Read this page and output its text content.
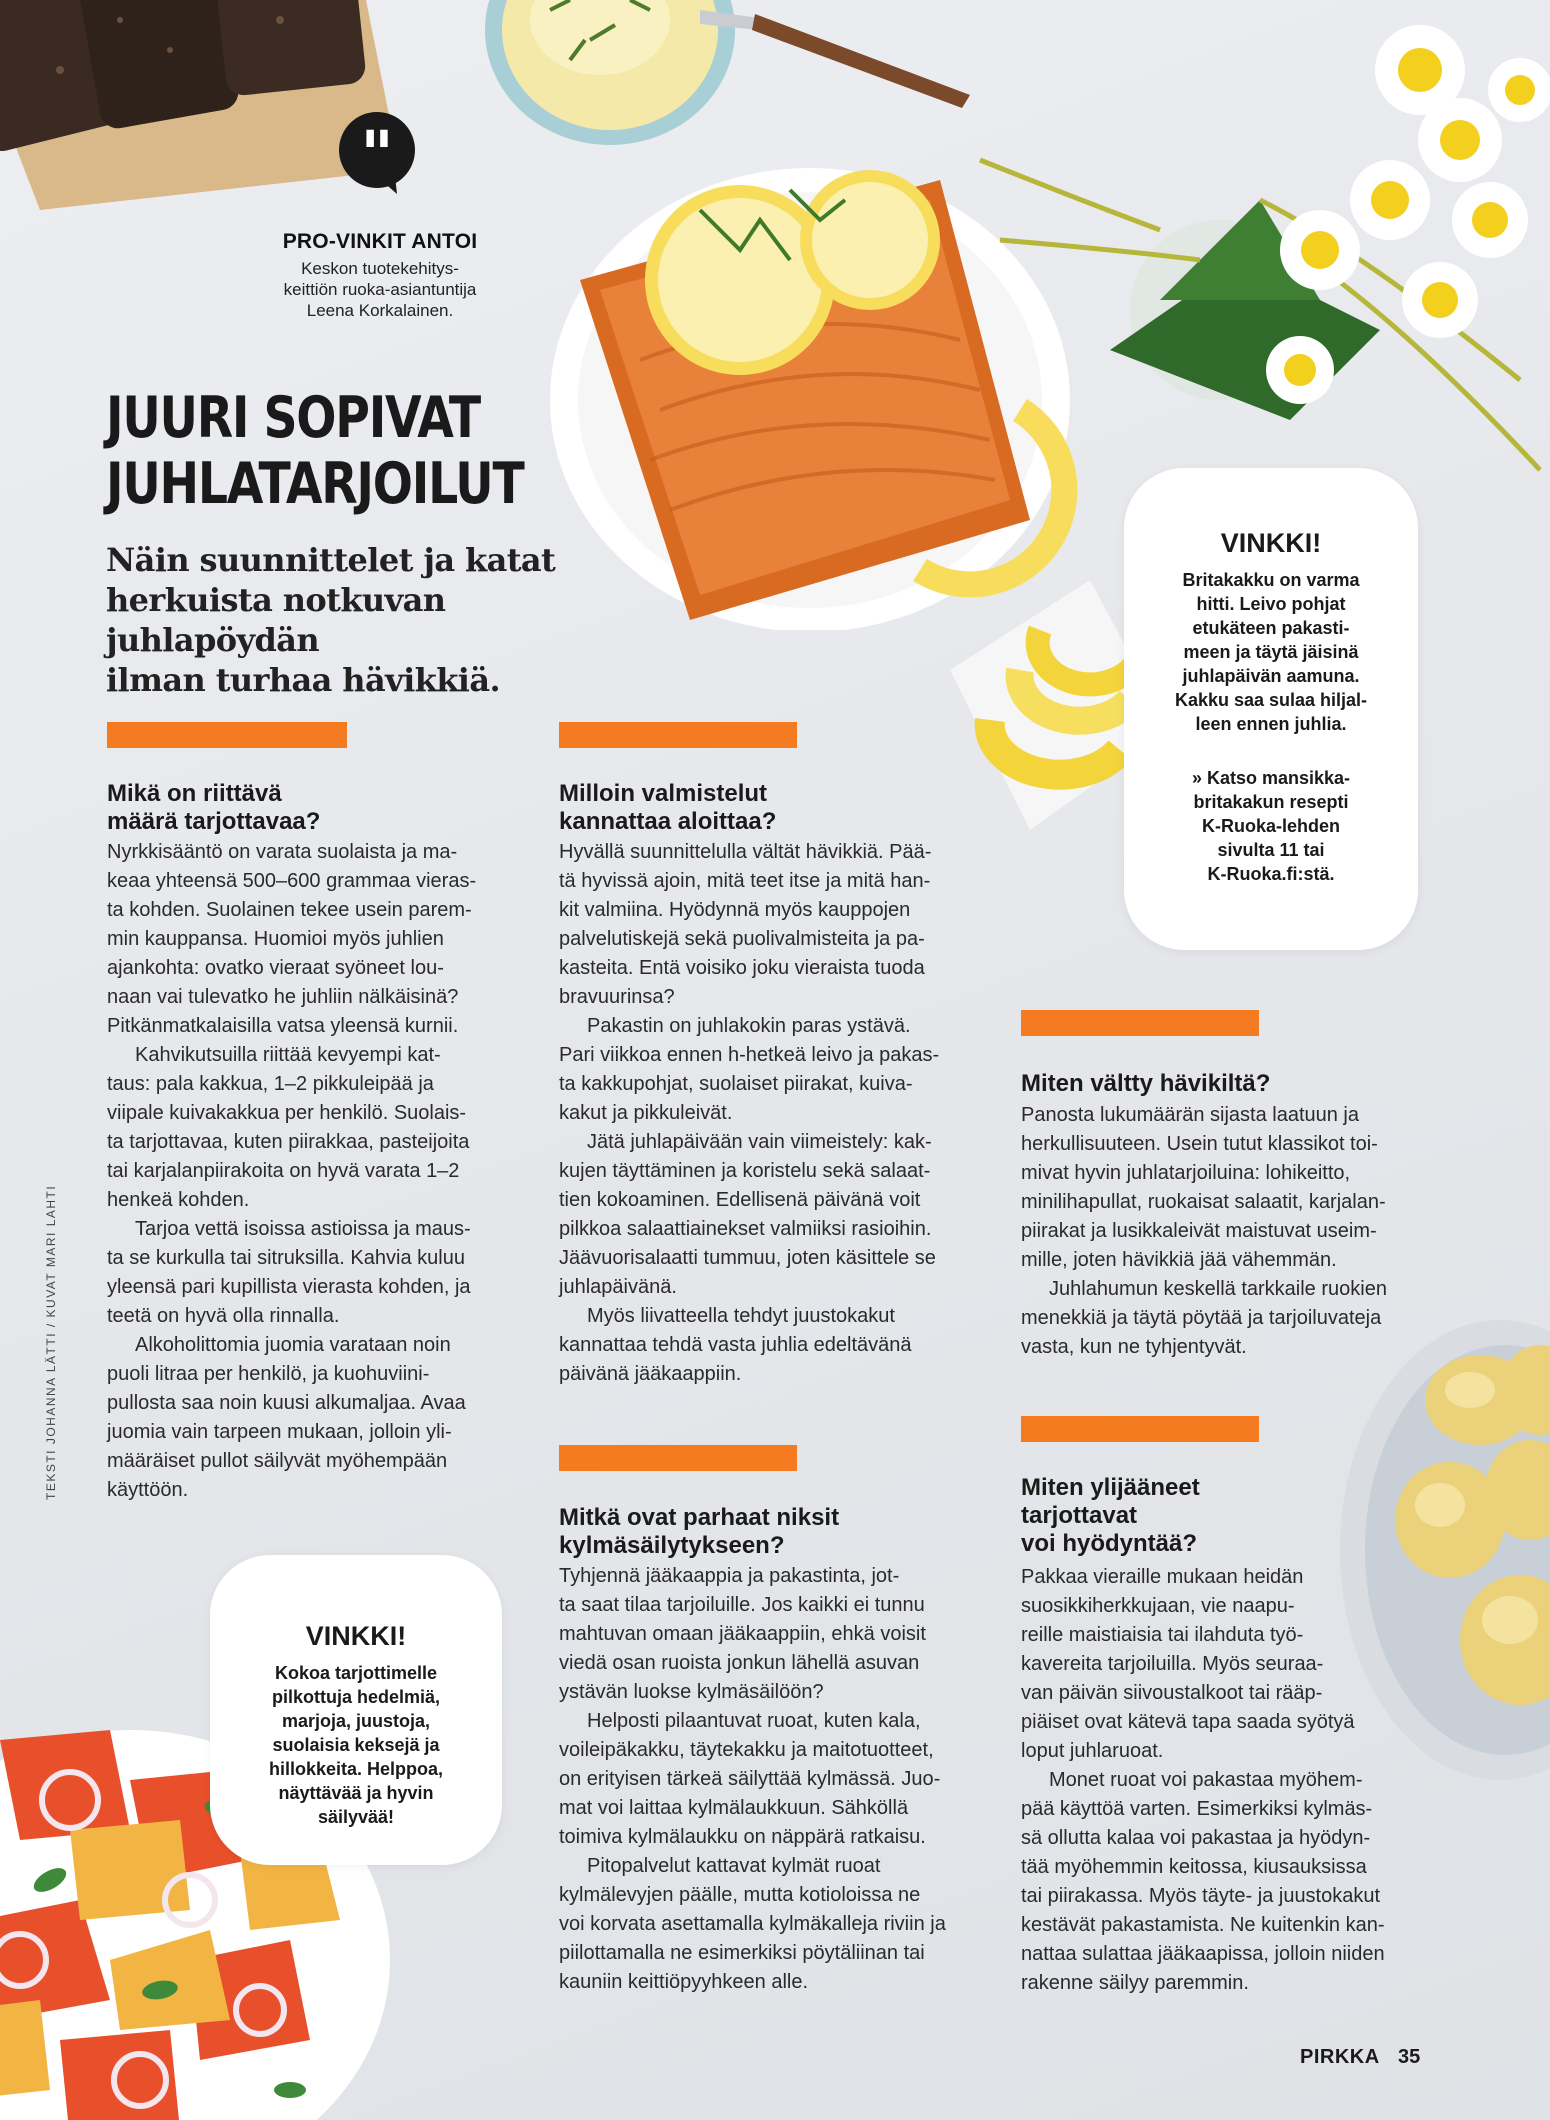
"
PRO-VINKIT ANTOI
Keskon tuotekehitys-
keittiön ruoka-asiantuntija
Leena Korkalainen.
JUURI SOPIVAT
JUHLATARJOILUT

Näin suunnittelet ja katat
herkuista notkuvan juhlapöydän
ilman turhaa hävikkiä.

Mikä on riittävä
määrä tarjottavaa?

Nyrkkisääntö on varata suolaista ja ma-
keaa yhteensä 500–600 grammaa vieras-
ta kohden. Suolainen tekee usein parem-
min kauppansa. Huomioi myös juhlien
ajankohta: ovatko vieraat syöneet lou-
naan vai tulevatko he juhliin nälkäisinä?
Pitkänmatkalaisilla vatsa yleensä kurnii.

Kahvikutsuilla riittää kevyempi kat-
taus: pala kakkua, 1–2 pikkuleipää ja
viipale kuivakakkua per henkilö. Suolais-
ta tarjottavaa, kuten piirakkaa, pasteijoita
tai karjalanpiirakoita on hyvä varata 1–2
henkeä kohden.

Tarjoa vettä isoissa astioissa ja maus-
ta se kurkulla tai sitruksilla. Kahvia kuluu
yleensä pari kupillista vierasta kohden, ja
teetä on hyvä olla rinnalla.

Alkoholittomia juomia varataan noin
puoli litraa per henkilö, ja kuohuviini-
pullosta saa noin kuusi alkumaljaa. Avaa
juomia vain tarpeen mukaan, jolloin yli-
määräiset pullot säilyvät myöhempään
käyttöön.

Milloin valmistelut
kannattaa aloittaa?

Hyvällä suunnittelulla vältät hävikkiä. Pää-
tä hyvissä ajoin, mitä teet itse ja mitä han-
kit valmiina. Hyödynnä myös kauppojen
palvelutiskejä sekä puolivalmisteita ja pa-
kasteita. Entä voisiko joku vieraista tuoda
bravuurinsa?

Pakastin on juhlakokin paras ystävä.
Pari viikkoa ennen h-hetkeä leivo ja pakas-
ta kakkupohjat, suolaiset piirakat, kuiva-
kakut ja pikkuleivät.

Jätä juhlapäivään vain viimeistely: kak-
kujen täyttäminen ja koristelu sekä salaat-
tien kokoaminen. Edellisenä päivänä voit
pilkkoa salaattiainekset valmiiksi rasioihin.
Jäävuorisalaatti tummuu, joten käsittele se
juhlapäivänä.

Myös liivatteella tehdyt juustokakut
kannattaa tehdä vasta juhlia edeltävänä
päivänä jääkaappiin.

Mitkä ovat parhaat niksit
kylmäsäilytykseen?

Tyhjennä jääkaappia ja pakastinta, jot-
ta saat tilaa tarjoiluille. Jos kaikki ei tunnu
mahtuvan omaan jääkaappiin, ehkä voisit
viedä osan ruoista jonkun lähellä asuvan
ystävän luokse kylmäsäilöön?

Helposti pilaantuvat ruoat, kuten kala,
voileipäkakku, täytekakku ja maitotuotteet,
on erityisen tärkeä säilyttää kylmässä. Juo-
mat voi laittaa kylmälaukkuun. Sähköllä
toimiva kylmälaukku on näppärä ratkaisu.

Pitopalvelut kattavat kylmät ruoat
kylmälevyjen päälle, mutta kotioloissa ne
voi korvata asettamalla kylmäkalleja riviin ja
piilottamalla ne esimerkiksi pöytäliinan tai
kauniin keittiöpyyhkeen alle.

Miten vältty hävikiltä?

Panosta lukumäärän sijasta laatuun ja
herkullisuuteen. Usein tutut klassikot toi-
mivat hyvin juhlatarjoiluina: lohikeitto,
minilihapullat, ruokaisat salaatit, karjalan-
piirakat ja lusikkaleivät maistuvat useim-
mille, joten hävikkiä jää vähemmän.

Juhlahumun keskellä tarkkaile ruokien
menekkiä ja täytä pöytää ja tarjoiluvateja
vasta, kun ne tyhjentyvät.

Miten ylijääneet
tarjottavat
voi hyödyntää?

Pakkaa vieraille mukaan heidän
suosikkiherkkujaan, vie naapu-
reille maistiaisia tai ilahduta työ-
kavereita tarjoiluilla. Myös seuraa-
van päivän siivoustalkoot tai rääp-
piäiset ovat kätevä tapa saada syötyä
loput juhlaruoat.

Monet ruoat voi pakastaa myöhem-
pää käyttöä varten. Esimerkiksi kylmäs-
sä ollutta kalaa voi pakastaa ja hyödyn-
tää myöhemmin keitossa, kiusauksissa
tai piirakassa. Myös täyte- ja juustokakut
kestävät pakastamista. Ne kuitenkin kan-
nattaa sulattaa jääkaapissa, jolloin niiden
rakenne säilyy paremmin.

VINKKI!
Britakakku on varma
hitti. Leivo pohjat
etukäteen pakasti-
meen ja täytä jäisinä
juhlapäivän aamuna.
Kakku saa sulaa hiljal-
leen ennen juhlia.
» Katso mansikka-
britakakun resepti
K-Ruoka-lehden
sivulta 11 tai
K-Ruoka.fi:stä.
VINKKI!
Kokoa tarjottimelle
pilkottuja hedelmiä,
marjoja, juustoja,
suolaisia keksejä ja
hillokkeita. Helppoa,
näyttävää ja hyvin
säilyvää!
TEKSTI JOHANNA LÄTTI / KUVAT MARI LAHTI
PIRKKA 35
